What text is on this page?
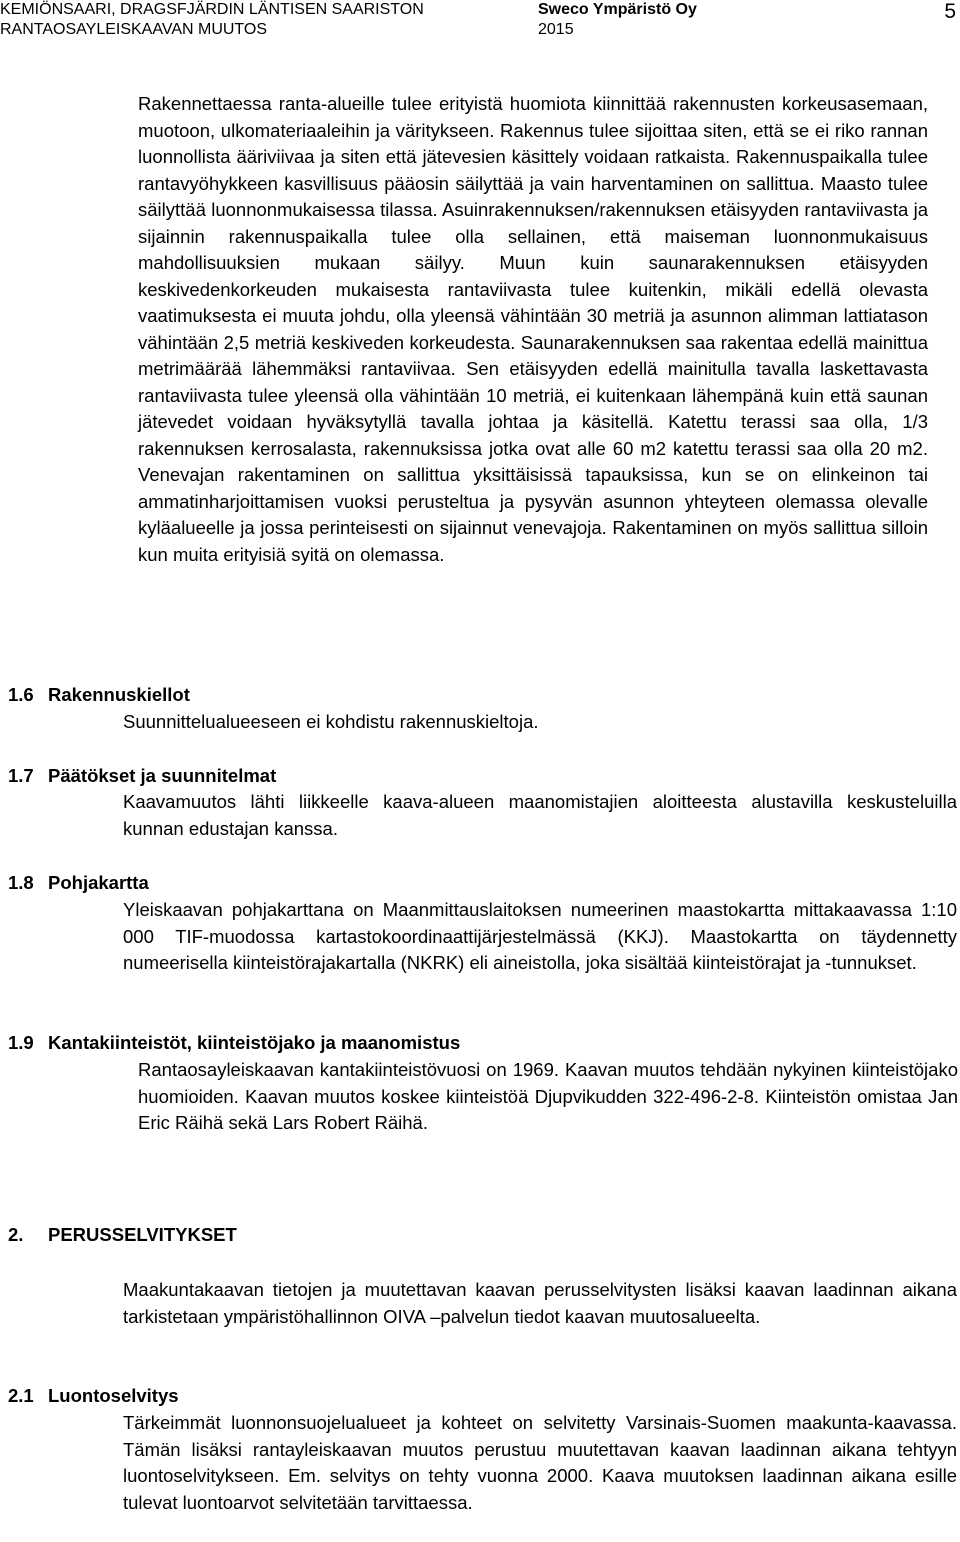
KEMIÖNSAARI, DRAGSFJÄRDIN LÄNTISEN SAARISTON
RANTAOSAYLEISKAAVAN MUUTOS
Sweco Ympäristö Oy
2015
5
Rakennettaessa ranta-alueille tulee erityistä huomiota kiinnittää rakennusten korkeusasemaan, muotoon, ulkomateriaaleihin ja väritykseen. Rakennus tulee sijoittaa siten, että se ei riko rannan luonnollista ääriviivaa ja siten että jätevesien käsittely voidaan ratkaista. Rakennuspaikalla tulee rantavyöhykkeen kasvillisuus pääosin säilyttää ja vain harventaminen on sallittua. Maasto tulee säilyttää luonnonmukaisessa tilassa. Asuinrakennuksen/rakennuksen etäisyyden rantaviivasta ja sijainnin rakennuspaikalla tulee olla sellainen, että maiseman luonnonmukaisuus mahdollisuuksien mukaan säilyy. Muun kuin saunarakennuksen etäisyyden keskivedenkorkeuden mukaisesta rantaviivasta tulee kuitenkin, mikäli edellä olevasta vaatimuksesta ei muuta johdu, olla yleensä vähintään 30 metriä ja asunnon alimman lattiatason vähintään 2,5 metriä keskiveden korkeudesta. Saunarakennuksen saa rakentaa edellä mainittua metrimäärää lähemmäksi rantaviivaa. Sen etäisyyden edellä mainitulla tavalla laskettavasta rantaviivasta tulee yleensä olla vähintään 10 metriä, ei kuitenkaan lähempänä kuin että saunan jätevedet voidaan hyväksytyllä tavalla johtaa ja käsitellä. Katettu terassi saa olla, 1/3 rakennuksen kerrosalasta, rakennuksissa jotka ovat alle 60 m2 katettu terassi saa olla 20 m2. Venevajan rakentaminen on sallittua yksittäisissä tapauksissa, kun se on elinkeinon tai ammatinharjoittamisen vuoksi perusteltua ja pysyvän asunnon yhteyteen olemassa olevalle kyläalueelle ja jossa perinteisesti on sijainnut venevajoja. Rakentaminen on myös sallittua silloin kun muita erityisiä syitä on olemassa.
1.6 Rakennuskiellot
Suunnittelualueeseen ei kohdistu rakennuskieltoja.
1.7 Päätökset ja suunnitelmat
Kaavamuutos lähti liikkeelle kaava-alueen maanomistajien aloitteesta alustavilla keskusteluilla kunnan edustajan kanssa.
1.8 Pohjakartta
Yleiskaavan pohjakarttana on Maanmittauslaitoksen numeerinen maastokartta mittakaavassa 1:10 000 TIF-muodossa kartastokoordinaattijärjestelmässä (KKJ). Maastokartta on täydennetty numeerisella kiinteistörajakartalla (NKRK) eli aineistolla, joka sisältää kiinteistörajat ja -tunnukset.
1.9 Kantakiinteistöt, kiinteistöjako ja maanomistus
Rantaosayleiskaavan kantakiinteistövuosi on 1969. Kaavan muutos tehdään nykyinen kiinteistöjako huomioiden. Kaavan muutos koskee kiinteistöä Djupvikudden 322-496-2-8. Kiinteistön omistaa Jan Eric Räihä sekä Lars Robert Räihä.
2. PERUSSELVITYKSET
Maakuntakaavan tietojen ja muutettavan kaavan perusselvitysten lisäksi kaavan laadinnan aikana tarkistetaan ympäristöhallinnon OIVA –palvelun tiedot kaavan muutosalueelta.
2.1 Luontoselvitys
Tärkeimmät luonnonsuojelualueet ja kohteet on selvitetty Varsinais-Suomen maakunta-kaavassa. Tämän lisäksi rantayleiskaavan muutos perustuu muutettavan kaavan laadinnan aikana tehtyyn luontoselvitykseen. Em. selvitys on tehty vuonna 2000. Kaava muutoksen laadinnan aikana esille tulevat luontoarvot selvitetään tarvittaessa.
